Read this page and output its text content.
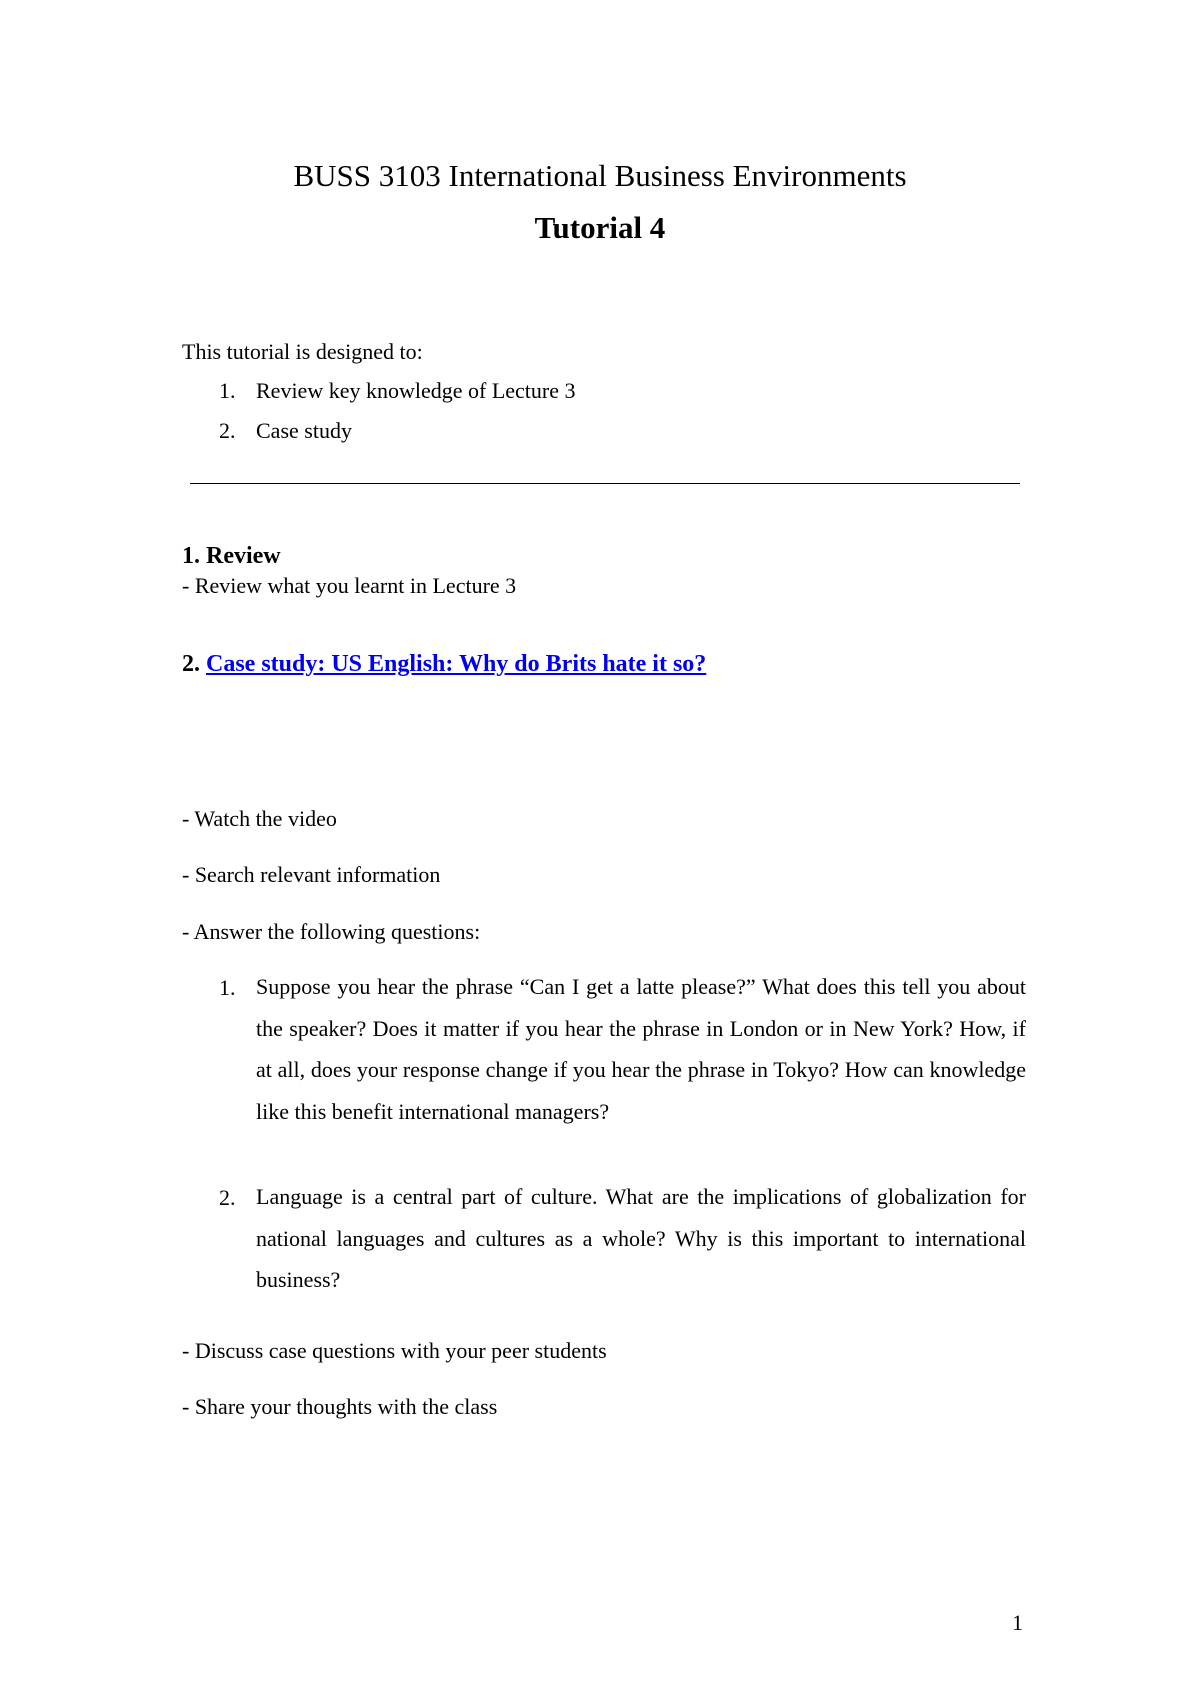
BUSS 3103 International Business Environments
Tutorial 4
This tutorial is designed to:
1. Review key knowledge of Lecture 3
2. Case study
1. Review
- Review what you learnt in Lecture 3
2. Case study: US English: Why do Brits hate it so?
- Watch the video
- Search relevant information
- Answer the following questions:
1. Suppose you hear the phrase “Can I get a latte please?” What does this tell you about the speaker? Does it matter if you hear the phrase in London or in New York? How, if at all, does your response change if you hear the phrase in Tokyo? How can knowledge like this benefit international managers?
2. Language is a central part of culture. What are the implications of globalization for national languages and cultures as a whole? Why is this important to international business?
- Discuss case questions with your peer students
- Share your thoughts with the class
1
